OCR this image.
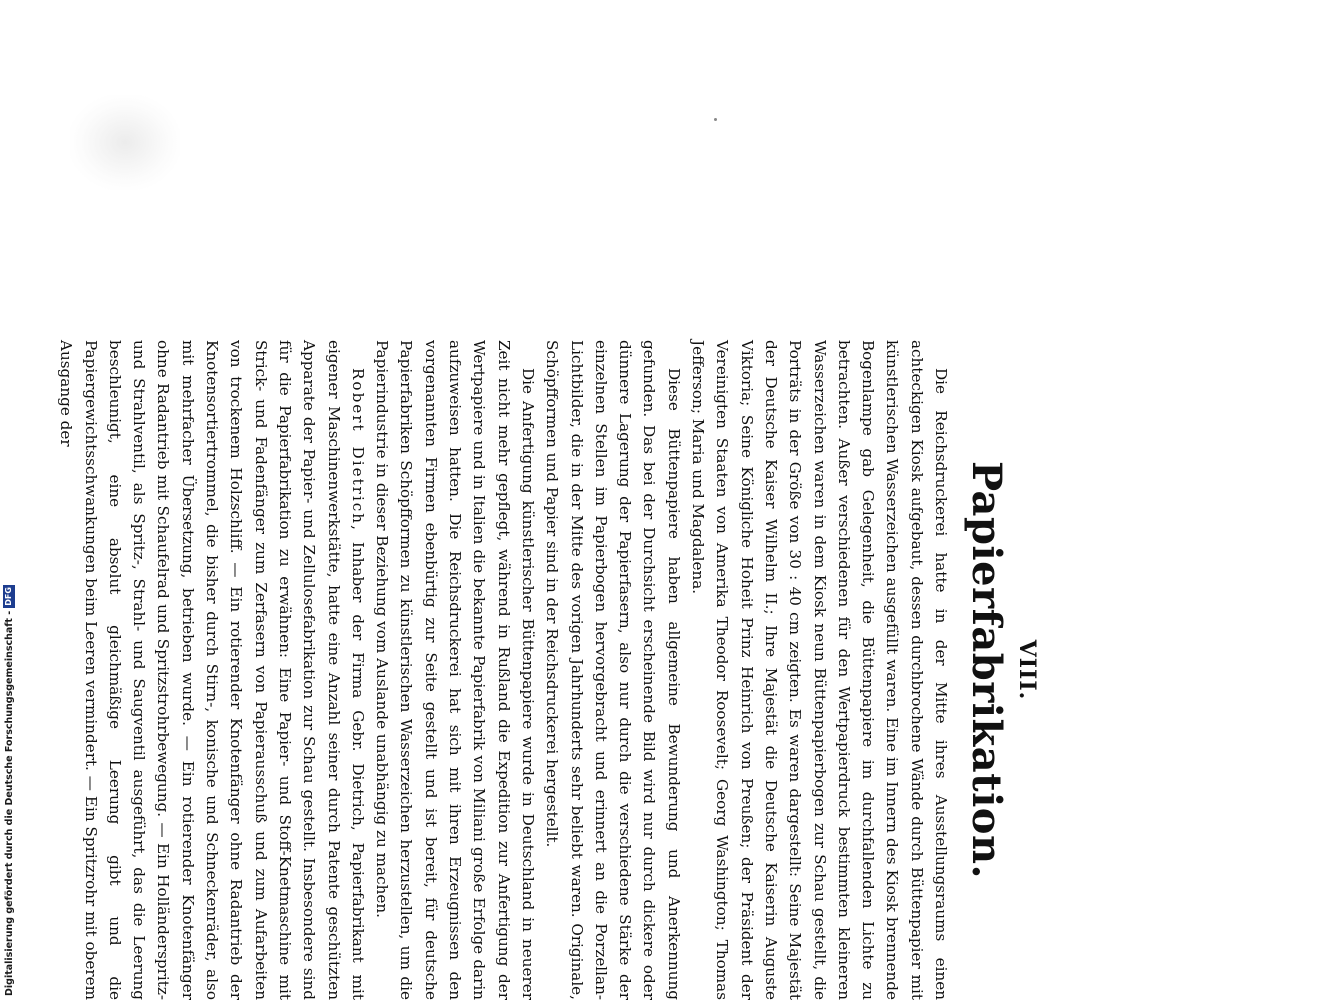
Digitalisierung gefördert durch die Deutsche Forschungsgemeinschaft -
DFG
VIII.
Papierfabrikation.

Die Reichsdruckerei hatte in der Mitte ihres Ausstellungsraums einen achteckigen Kiosk aufgebaut, dessen durchbrochene Wände durch Büttenpapier mit künstlerischen Wasserzeichen ausgefüllt waren. Eine im Innern des Kiosk brennende Bogenlampe gab Gelegenheit, die Büttenpapiere im durchfallenden Lichte zu betrachten. Außer verschiedenen für den Wertpapierdruck bestimmten kleineren Wasserzeichen waren in dem Kiosk neun Büttenpapierbogen zur Schau gestellt, die Porträts in der Größe von 30 : 40 cm zeigten. Es waren dargestellt: Seine Majestät der Deutsche Kaiser Wilhelm II.; Ihre Majestät die Deutsche Kaiserin Auguste Viktoria; Seine Königliche Hoheit Prinz Heinrich von Preußen; der Präsident der Vereinigten Staaten von Amerika Theodor Roosevelt; Georg Washington; Thomas Jefferson; Maria und Magdalena.

Diese Büttenpapiere haben allgemeine Bewunderung und Anerkennung gefunden. Das bei der Durchsicht erscheinende Bild wird nur durch dickere oder dünnere Lagerung der Papierfasern, also nur durch die verschiedene Stärke der einzelnen Stellen im Papierbogen hervorgebracht und erinnert an die Porzellan-Lichtbilder, die in der Mitte des vorigen Jahrhunderts sehr beliebt waren. Originale, Schöpfformen und Papier sind in der Reichsdruckerei hergestellt.

Die Anfertigung künstlerischer Büttenpapiere wurde in Deutschland in neuerer Zeit nicht mehr gepflegt, während in Rußland die Expedition zur Anfertigung der Wertpapiere und in Italien die bekannte Papierfabrik von Miliani große Erfolge darin aufzuweisen hatten. Die Reichsdruckerei hat sich mit ihren Erzeugnissen den vorgenannten Firmen ebenbürtig zur Seite gestellt und ist bereit, für deutsche Papierfabriken Schöpfformen zu künstlerischen Wasserzeichen herzustellen, um die Papierindustrie in dieser Beziehung vom Auslande unabhängig zu machen.

Robert Dietrich, Inhaber der Firma Gebr. Dietrich, Papierfabrikant mit eigener Maschinenwerkstätte, hatte eine Anzahl seiner durch Patente geschützten Apparate der Papier- und Zellulosefabrikation zur Schau gestellt. Insbesondere sind für die Papierfabrikation zu erwähnen: Eine Papier- und Stoff-Knetmaschine mit Strick- und Fadenfänger zum Zerfasern von Papierausschuß und zum Aufarbeiten von trockenem Holzschliff. — Ein rotierender Knotenfänger ohne Radantrieb der Knotensortiertrommel, die bisher durch Stirn-, konische und Schneckenräder, also mit mehrfacher Übersetzung, betrieben wurde. — Ein rotierender Knotenfänger ohne Radantrieb mit Schaufelrad und Spritzstrohrbewegung. — Ein Holländerspritz- und Strahlventil, als Spritz-, Strahl- und Saugventil ausgeführt, das die Leerung beschleunigt, eine absolut gleichmäßige Leerung gibt und die Papiergewichtsschwankungen beim Leeren vermindert. — Ein Spritzrohr mit oberem Ausgange der
